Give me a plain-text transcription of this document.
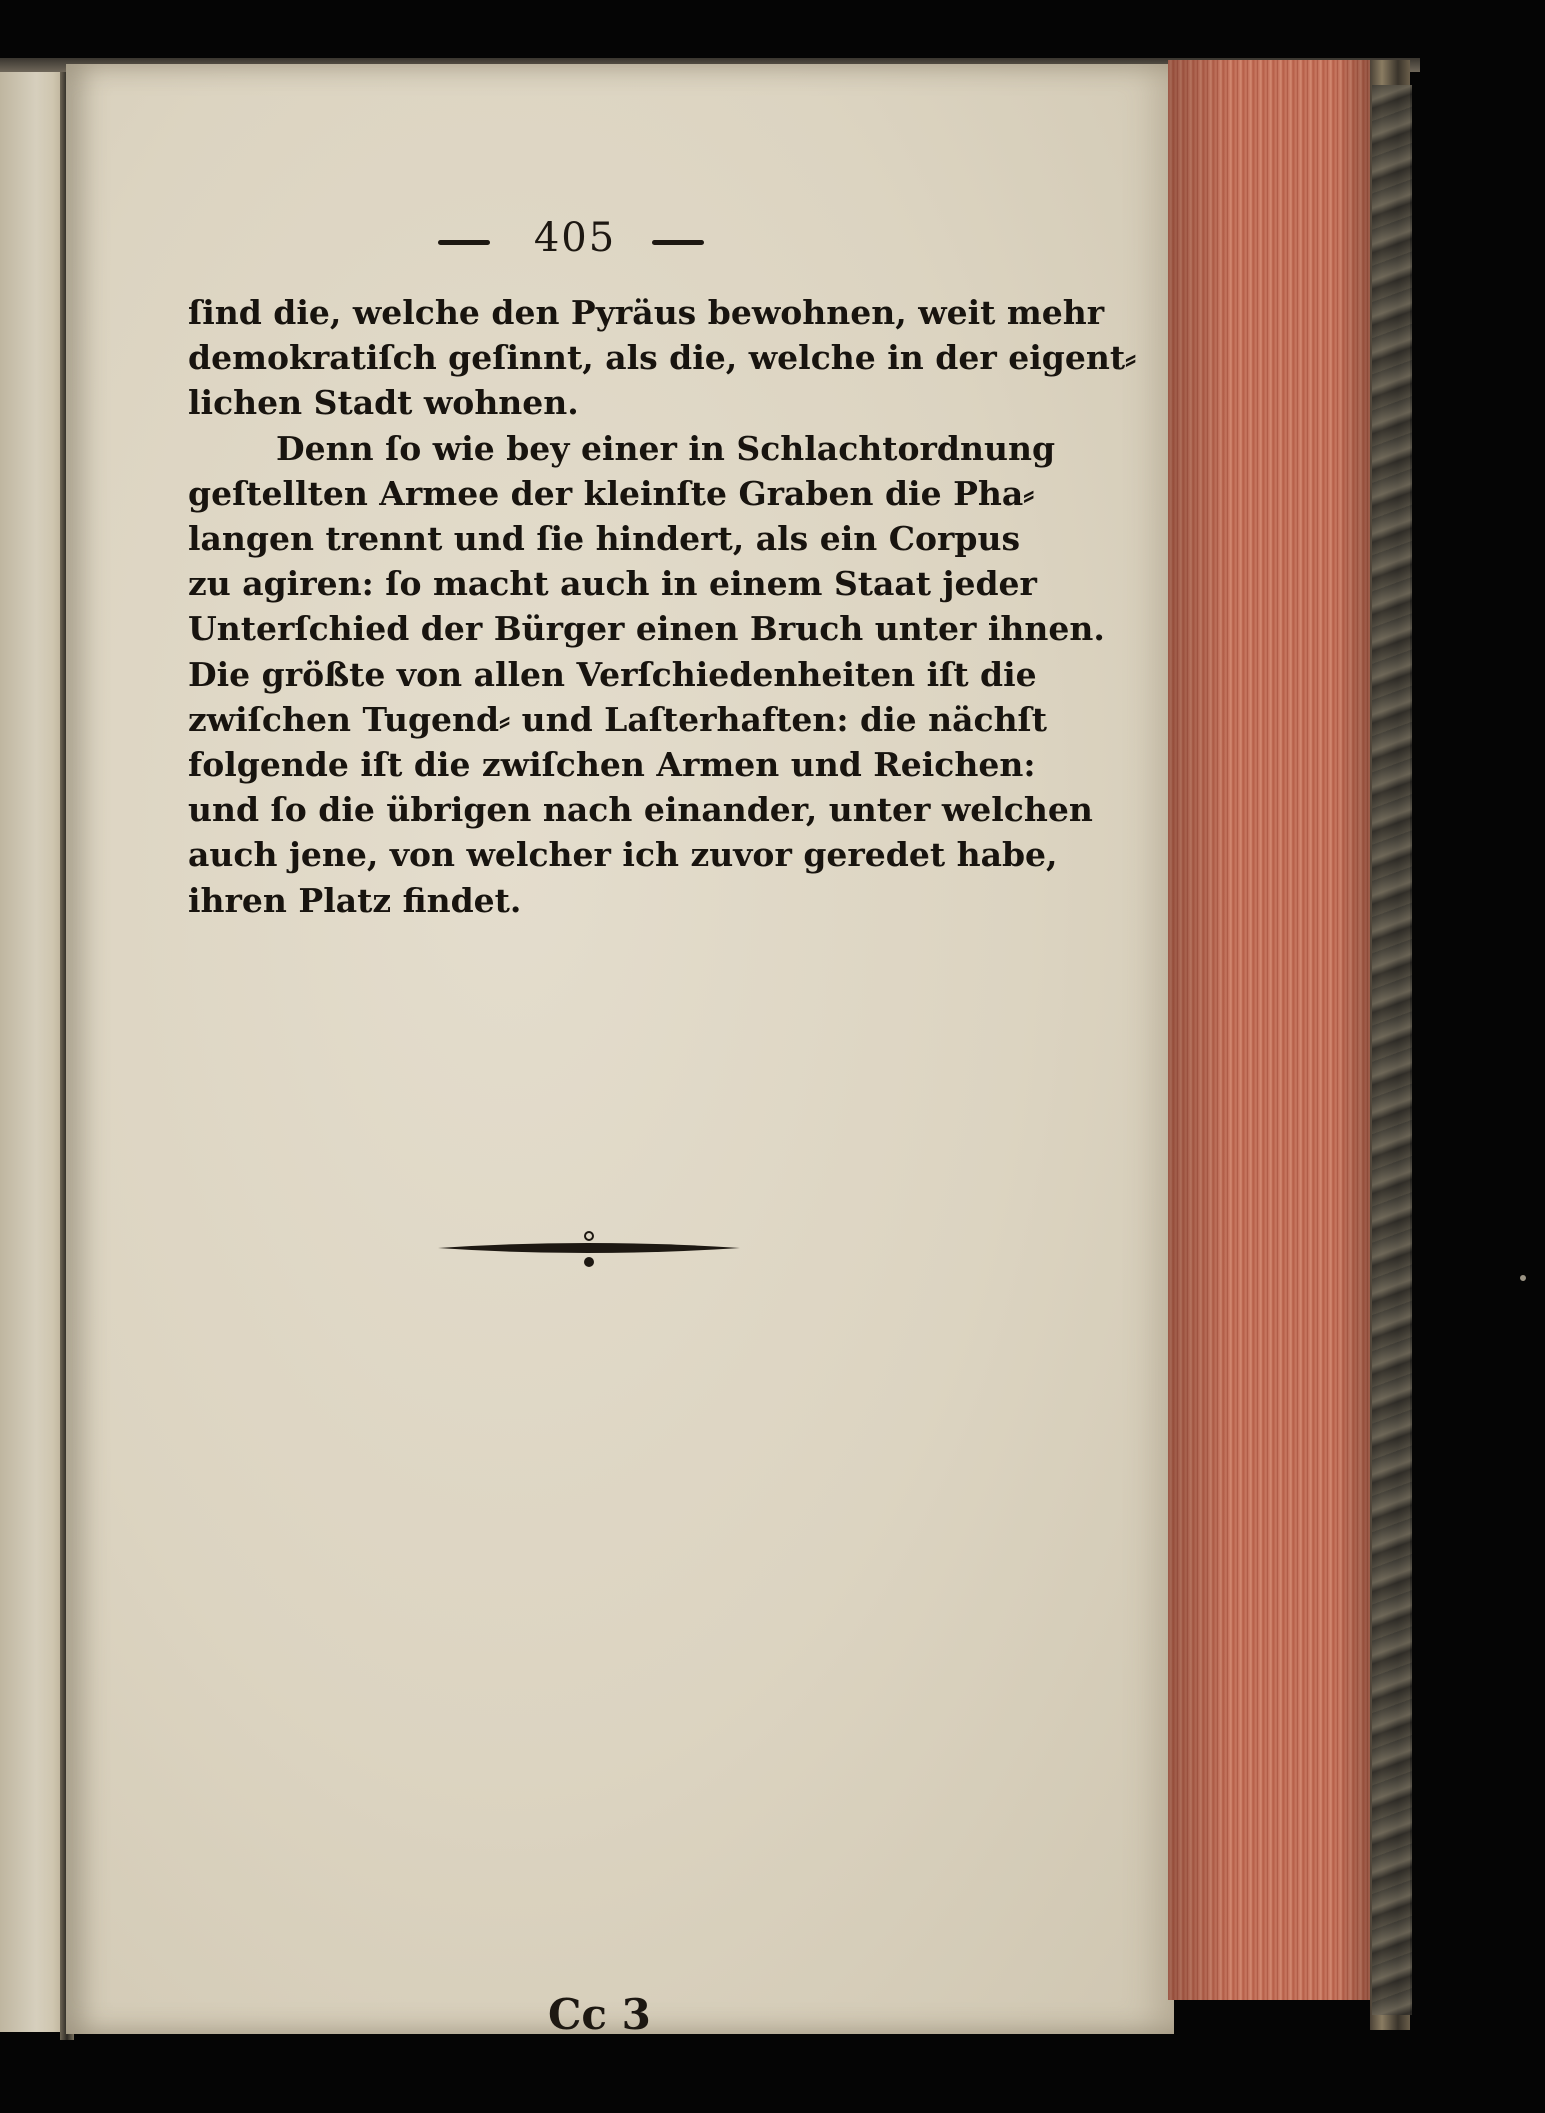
405
ſind die, welche den Pyräus bewohnen, weit mehr
demokratiſch geſinnt, als die, welche in der eigent⸗
lichen Stadt wohnen.
Denn ſo wie bey einer in Schlachtordnung
geſtellten Armee der kleinſte Graben die Pha⸗
langen trennt und ſie hindert, als ein Corpus
zu agiren: ſo macht auch in einem Staat jeder
Unterſchied der Bürger einen Bruch unter ihnen.
Die größte von allen Verſchiedenheiten iſt die
zwiſchen Tugend⸗ und Laſterhaften: die nächſt
folgende iſt die zwiſchen Armen und Reichen:
und ſo die übrigen nach einander, unter welchen
auch jene, von welcher ich zuvor geredet habe,
ihren Platz findet.
Cc 3
